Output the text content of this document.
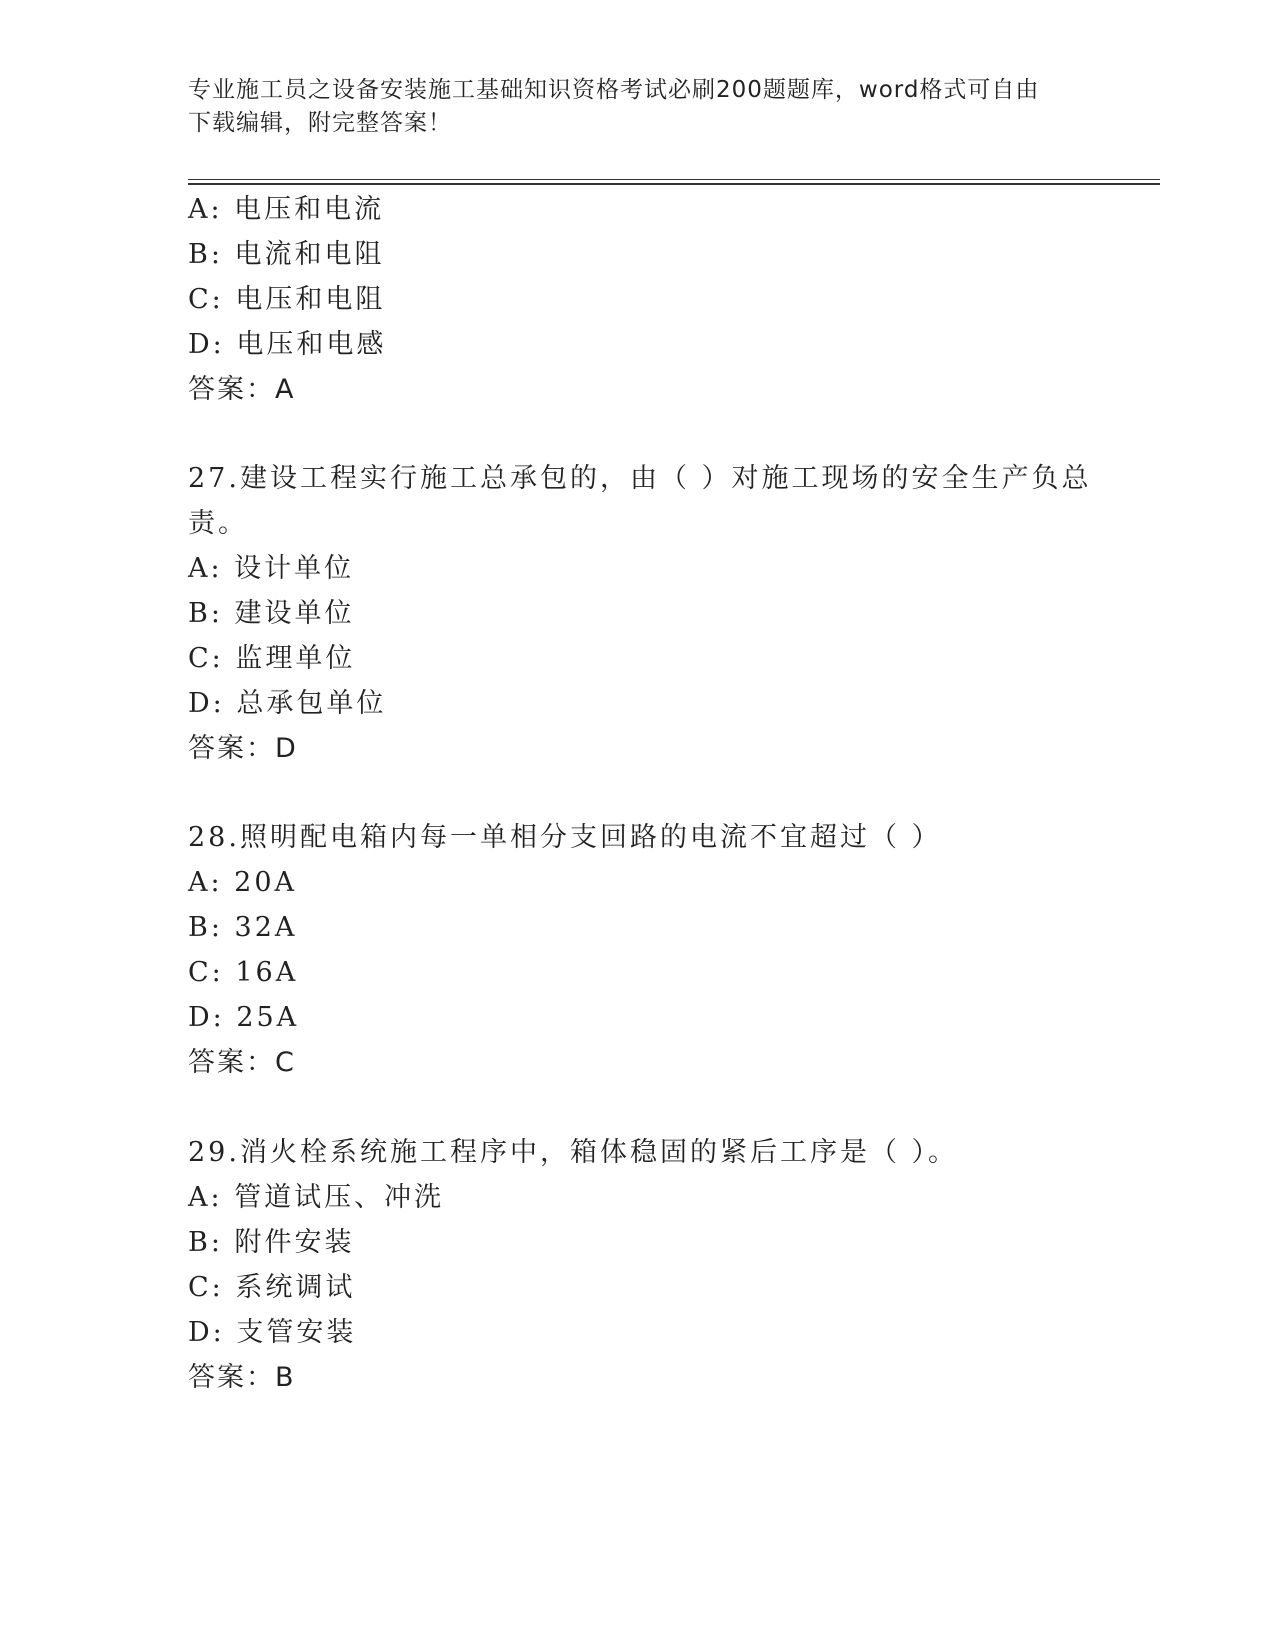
专业施工员之设备安装施工基础知识资格考试必刷200题题库，word格式可自由
下载编辑，附完整答案！
A: 电压和电流
B: 电流和电阻
C: 电压和电阻
D: 电压和电感
答案：A
27.建设工程实行施工总承包的，由（ ）对施工现场的安全生产负总
责。
A: 设计单位
B: 建设单位
C: 监理单位
D: 总承包单位
答案：D
28.照明配电箱内每一单相分支回路的电流不宜超过（ ）
A: 20A
B: 32A
C: 16A
D: 25A
答案：C
29.消火栓系统施工程序中，箱体稳固的紧后工序是（ ）。
A: 管道试压、冲洗
B: 附件安装
C: 系统调试
D: 支管安装
答案：B
